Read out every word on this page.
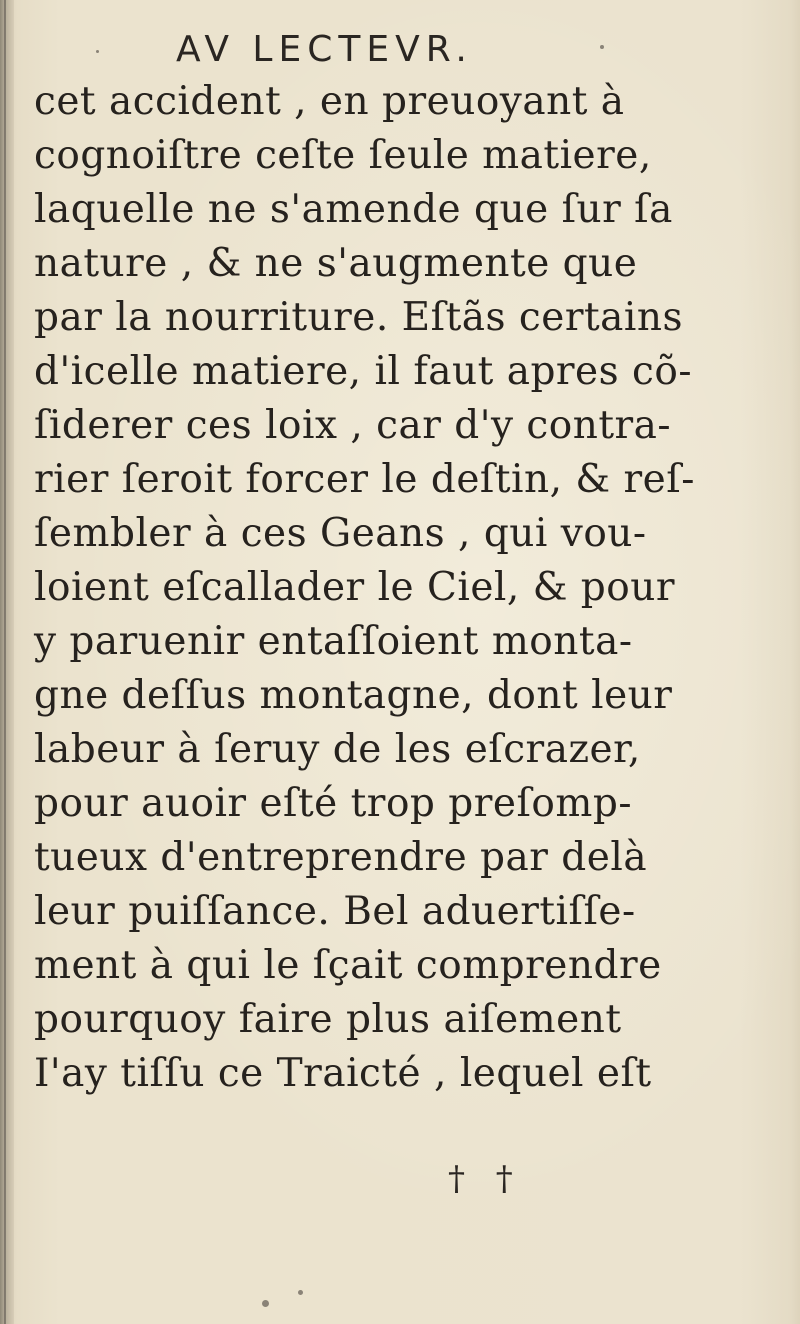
AV LECTEVR.
cet accident , en preuoyant à
cognoiſtre ceſte ſeule matiere,
laquelle ne s'amende que ſur ſa
nature , & ne s'augmente que
par la nourriture. Eſtãs certains
d'icelle matiere, il faut apres cõ-
ſiderer ces loix , car d'y contra-
rier ſeroit forcer le deſtin, & reſ-
ſembler à ces Geans , qui vou-
loient eſcallader le Ciel, & pour
y paruenir entaſſoient monta-
gne deſſus montagne, dont leur
labeur à ſeruy de les eſcrazer,
pour auoir eſté trop preſomp-
tueux d'entreprendre par delà
leur puiſſance. Bel aduertiſſe-
ment à qui le ſçait comprendre
pourquoy faire plus aiſement
I'ay tiſſu ce Traicté , lequel eſt
† †
